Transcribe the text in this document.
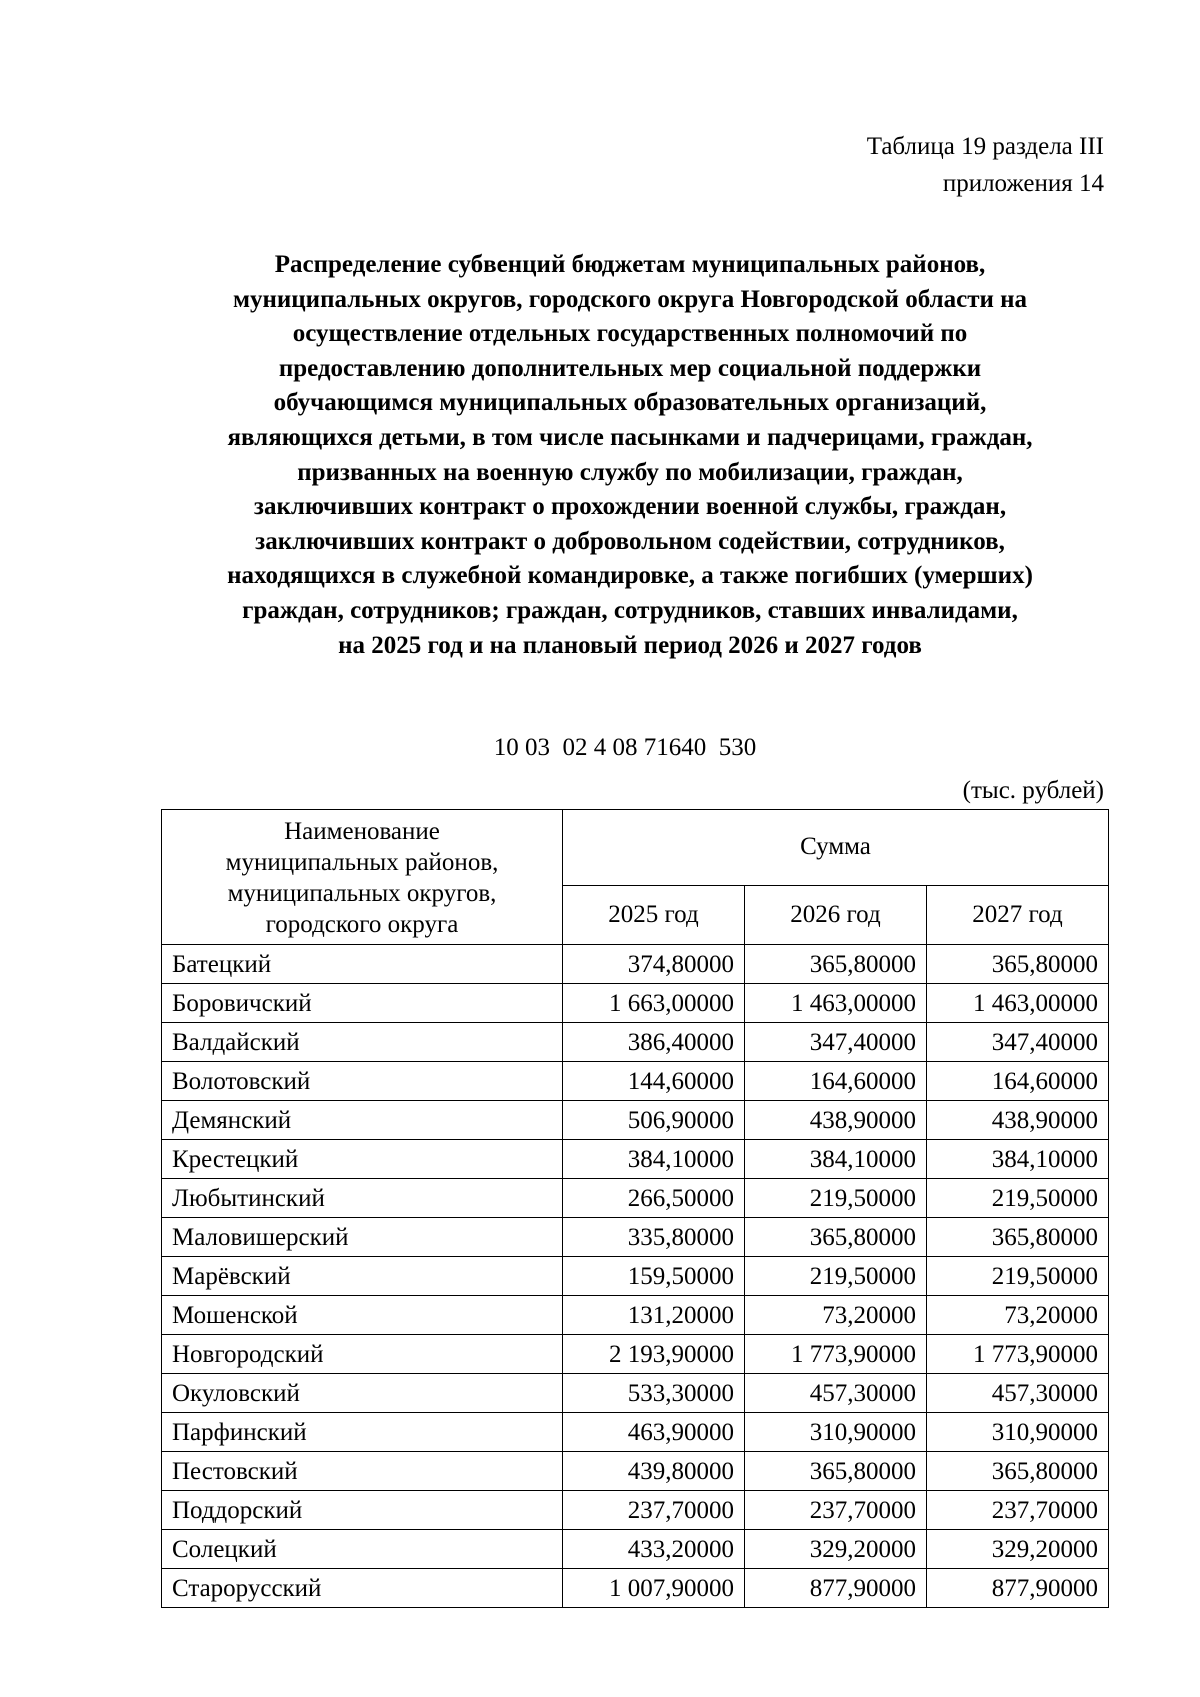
Таблица 19 раздела III
приложения 14
Распределение субвенций бюджетам муниципальных районов,
муниципальных округов, городского округа Новгородской области на
осуществление отдельных государственных полномочий по
предоставлению дополнительных мер социальной поддержки
обучающимся муниципальных образовательных организаций,
являющихся детьми, в том числе пасынками и падчерицами, граждан,
призванных на военную службу по мобилизации, граждан,
заключивших контракт о прохождении военной службы, граждан,
заключивших контракт о добровольном содействии, сотрудников,
находящихся в служебной командировке, а также погибших (умерших)
граждан, сотрудников; граждан, сотрудников, ставших инвалидами,
на 2025 год и на плановый период 2026 и 2027 годов
10 03  02 4 08 71640  530
(тыс. рублей)
Наименование
муниципальных районов,
муниципальных округов,
городского округа	Сумма		
	2025 год	2026 год	2027 год
Батецкий	374,80000	365,80000	365,80000
Боровичский	1 663,00000	1 463,00000	1 463,00000
Валдайский	386,40000	347,40000	347,40000
Волотовский	144,60000	164,60000	164,60000
Демянский	506,90000	438,90000	438,90000
Крестецкий	384,10000	384,10000	384,10000
Любытинский	266,50000	219,50000	219,50000
Маловишерский	335,80000	365,80000	365,80000
Марёвский	159,50000	219,50000	219,50000
Мошенской	131,20000	73,20000	73,20000
Новгородский	2 193,90000	1 773,90000	1 773,90000
Окуловский	533,30000	457,30000	457,30000
Парфинский	463,90000	310,90000	310,90000
Пестовский	439,80000	365,80000	365,80000
Поддорский	237,70000	237,70000	237,70000
Солецкий	433,20000	329,20000	329,20000
Старорусский	1 007,90000	877,90000	877,90000
